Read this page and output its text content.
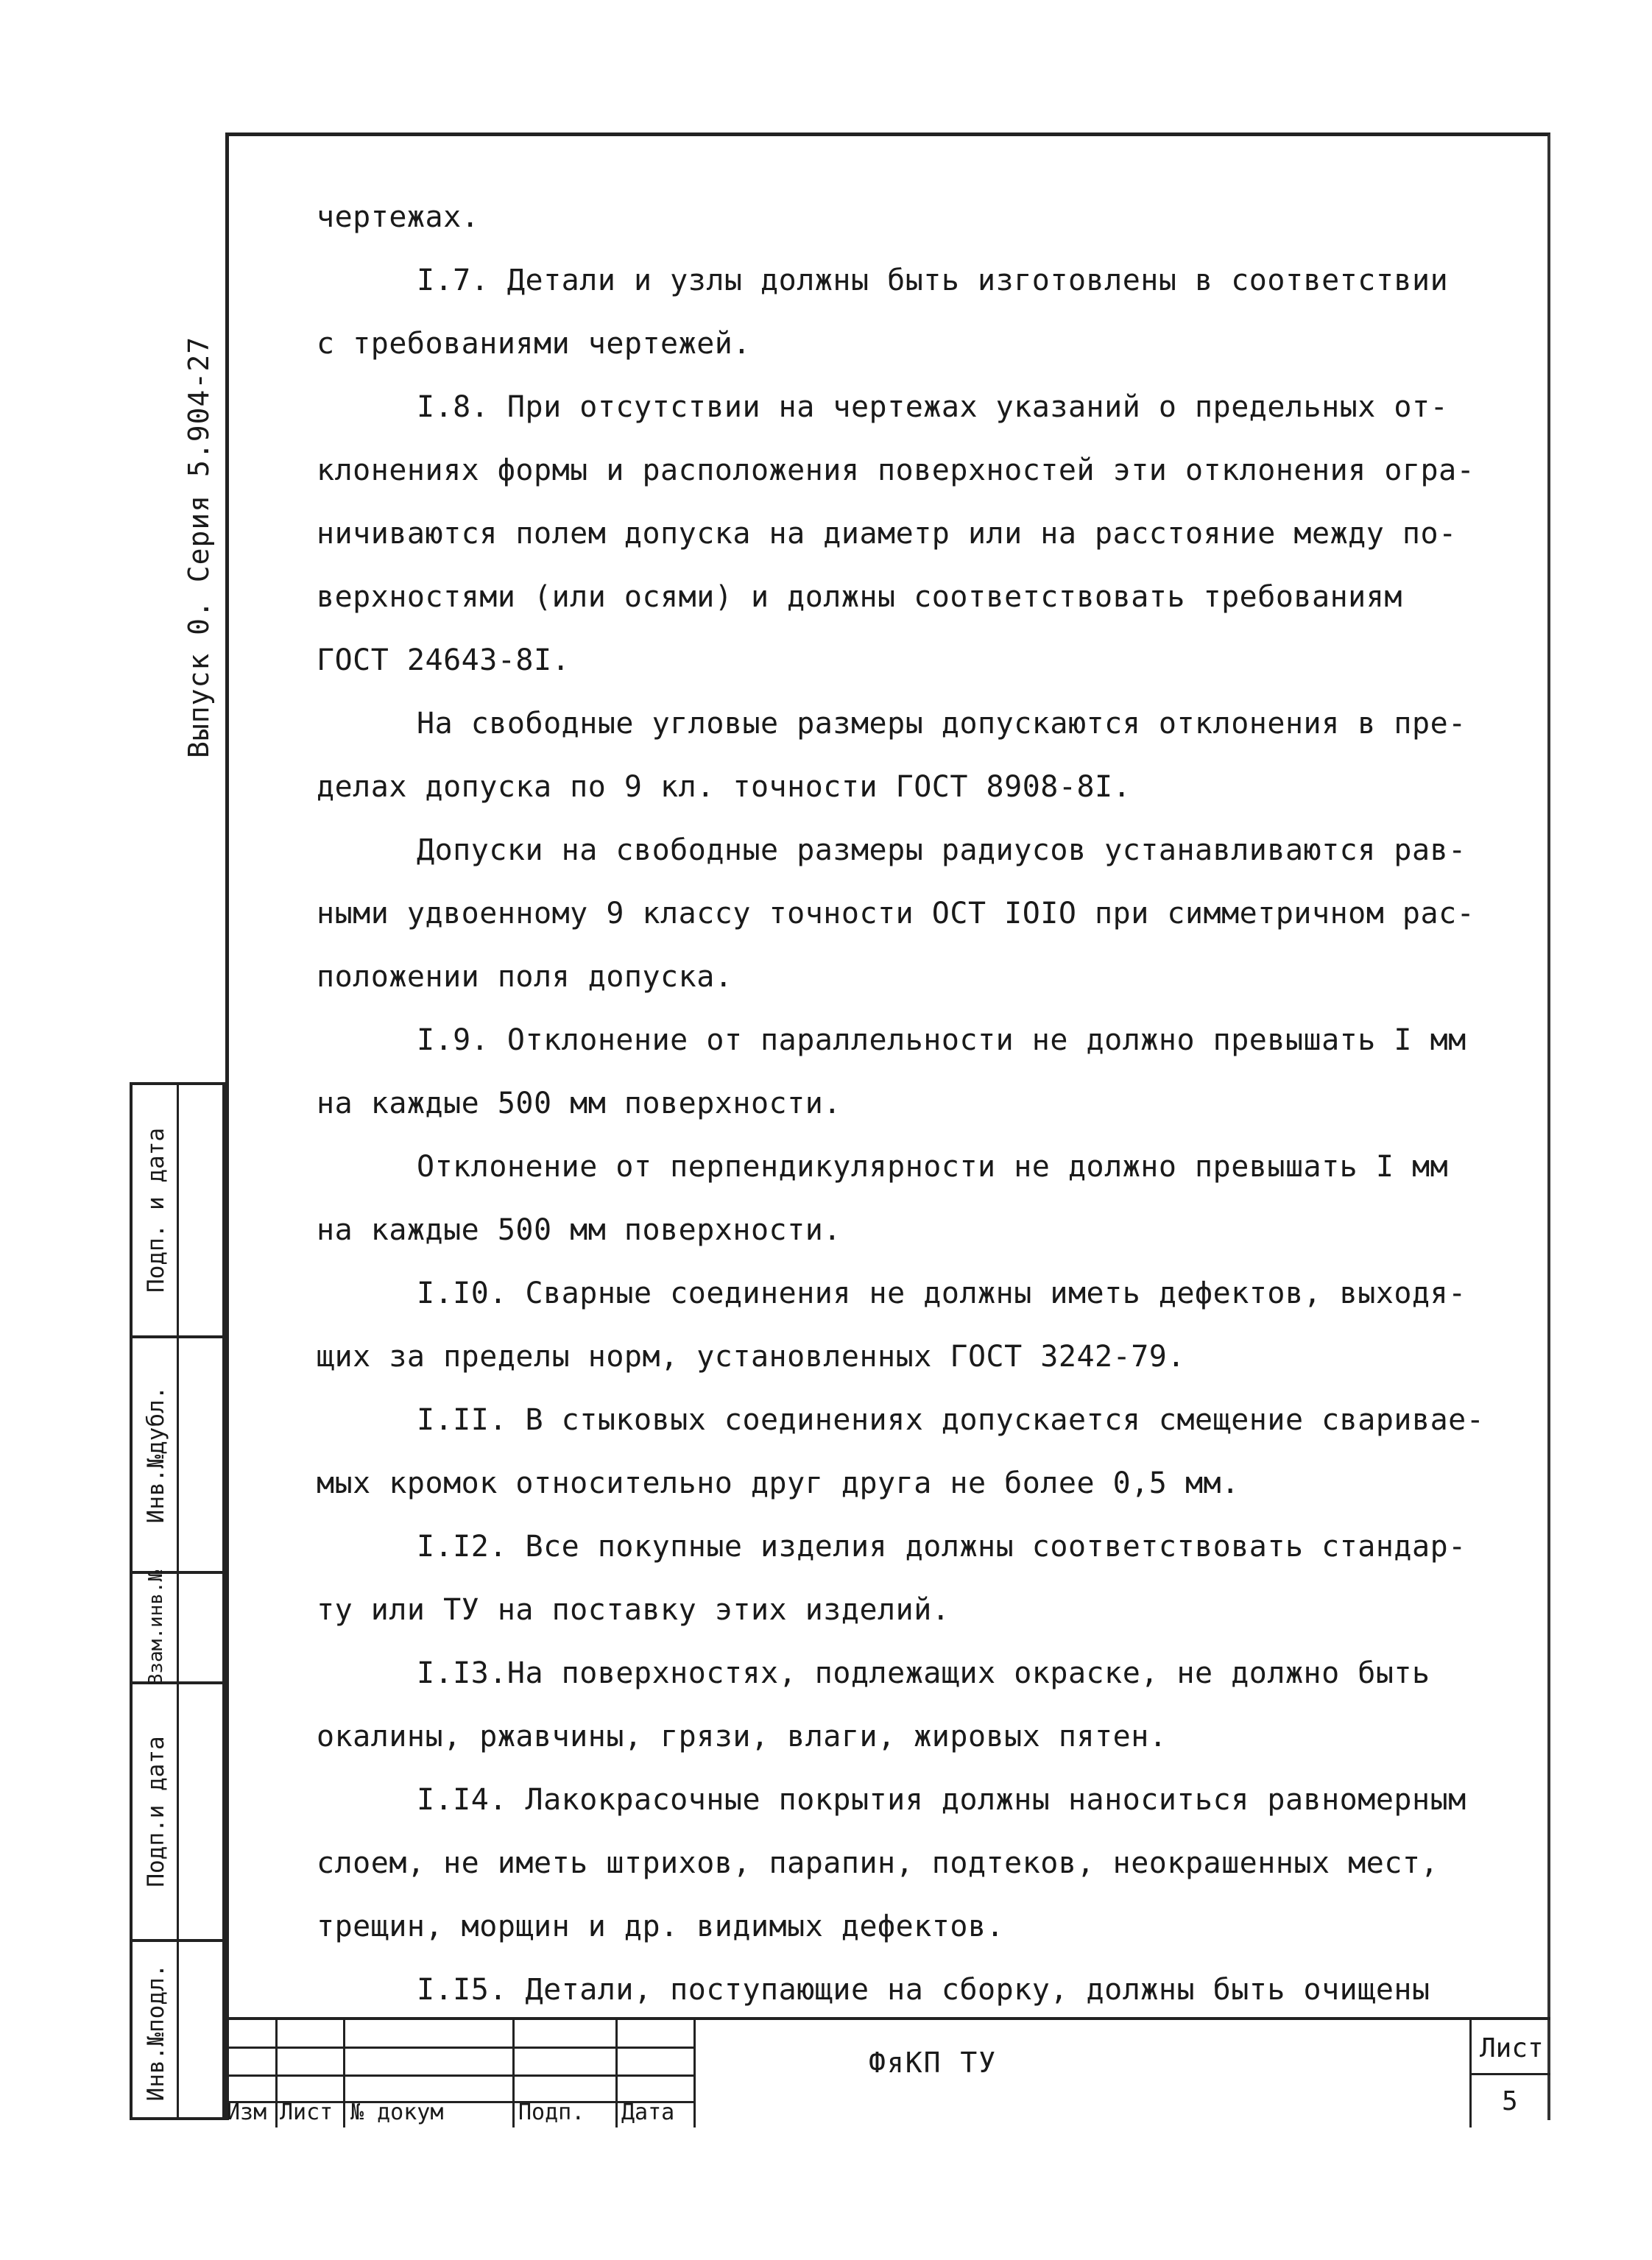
Выпуск 0. Серия 5.904-27
чертежах.
I.7. Детали и узлы должны быть изготовлены в соответствии
с требованиями чертежей.
I.8. При отсутствии на чертежах указаний о предельных от-
клонениях формы и расположения поверхностей эти отклонения огра-
ничиваются полем допуска на диаметр или на расстояние между по-
верхностями (или осями) и должны соответствовать требованиям
ГОСТ 24643-8I.
На свободные угловые размеры допускаются отклонения в пре-
делах допуска по 9 кл. точности ГОСТ 8908-8I.
Допуски на свободные размеры радиусов устанавливаются рав-
ными удвоенному 9 классу точности ОСТ IOIO при симметричном рас-
положении поля допуска.
I.9. Отклонение от параллельности не должно превышать I мм
на каждые 500 мм поверхности.
Отклонение от перпендикулярности не должно превышать I мм
на каждые 500 мм поверхности.
I.I0. Сварные соединения не должны иметь дефектов, выходя-
щих за пределы норм, установленных ГОСТ 3242-79.
I.II. В стыковых соединениях допускается смещение сваривае-
мых кромок относительно друг друга не более 0,5 мм.
I.I2. Все покупные изделия должны соответствовать стандар-
ту или ТУ на поставку этих изделий.
I.I3.На поверхностях, подлежащих окраске, не должно быть
окалины, ржавчины, грязи, влаги, жировых пятен.
I.I4. Лакокрасочные покрытия должны наноситься равномерным
слоем, не иметь штрихов, парапин, подтеков, неокрашенных мест,
трещин, морщин и др. видимых дефектов.
I.I5. Детали, поступающие на сборку, должны быть очищены
Подп. и дата
Инв.№дубл.
Взам.инв.№
Подп.и дата
Инв.№подл.	ФяКП ТУ	Лист
5
Изм Лист № докум	Подп. Дата
